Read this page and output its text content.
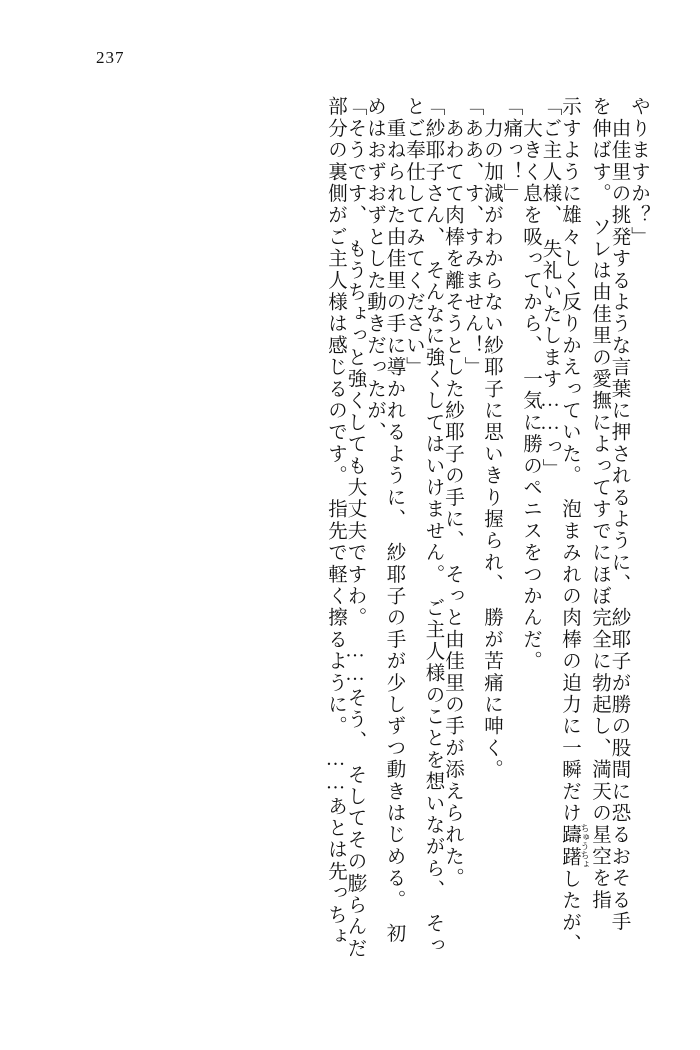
237
やりますか？」
　由佳里の挑発するような言葉に押されるように、　紗耶子が勝の股間に恐るおそる手
を伸ばす。　ソレは由佳里の愛撫によってすでにほぼ完全に勃起し、満天の星空を指
示すように雄々しく反りかえっていた。　泡まみれの肉棒の迫力に一瞬だけ躊躇 ちゅうちょしたが、
「ご主人様、　失礼いたします……っ」
　大きく息を吸ってから、　一気に勝のペニスをつかんだ。
「痛っ！」
　力の加減がわからない紗耶子に思いきり握られ、　勝が苦痛に呻く。
「ああ、す、すみません！」
　あわてて肉棒を離そうとした紗耶子の手に、　そっと由佳里の手が添えられた。
「紗耶子さん、　そんなに強くしてはいけません。　ご主人様のことを想いながら、　そっ
とご奉仕してみてください」
　重ねられた由佳里の手に導かれるように、　紗耶子の手が少しずつ動きはじめる。　初
めはおずおずとした動きだったが、
「そうです、　もうちょっと強くしても大丈夫ですわ。　……そう、　そしてその膨らんだ
部分の裏側がご主人様は感じるのです。　指先で軽く擦るように。　……あとは先っちょ
